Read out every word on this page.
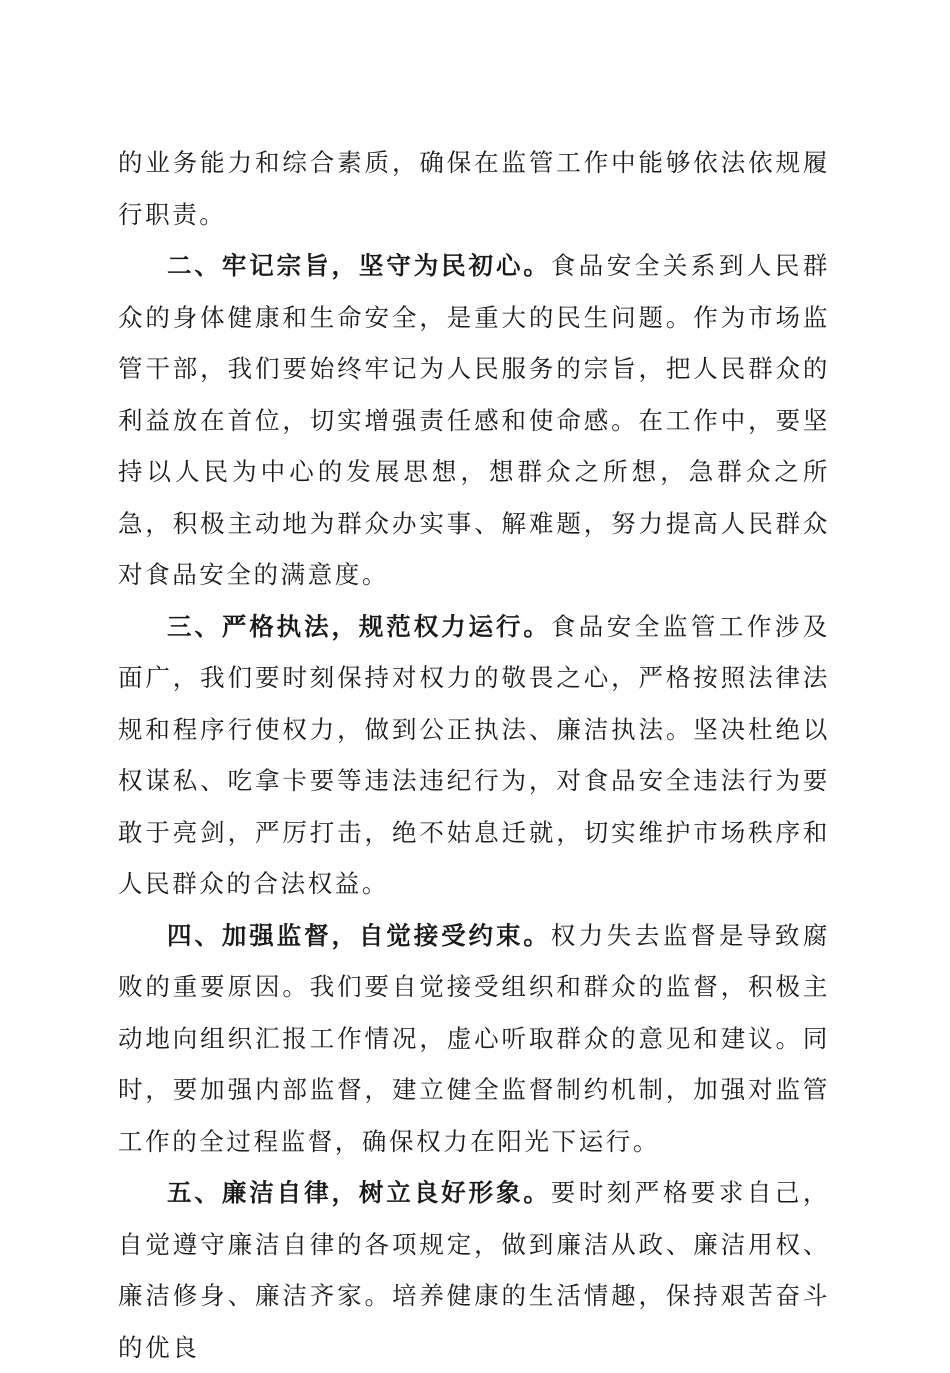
的业务能力和综合素质，确保在监管工作中能够依法依规履行职责。

二、牢记宗旨，坚守为民初心。食品安全关系到人民群众的身体健康和生命安全，是重大的民生问题。作为市场监管干部，我们要始终牢记为人民服务的宗旨，把人民群众的利益放在首位，切实增强责任感和使命感。在工作中，要坚持以人民为中心的发展思想，想群众之所想，急群众之所急，积极主动地为群众办实事、解难题，努力提高人民群众对食品安全的满意度。

三、严格执法，规范权力运行。食品安全监管工作涉及面广，我们要时刻保持对权力的敬畏之心，严格按照法律法规和程序行使权力，做到公正执法、廉洁执法。坚决杜绝以权谋私、吃拿卡要等违法违纪行为，对食品安全违法行为要敢于亮剑，严厉打击，绝不姑息迁就，切实维护市场秩序和人民群众的合法权益。

四、加强监督，自觉接受约束。权力失去监督是导致腐败的重要原因。我们要自觉接受组织和群众的监督，积极主动地向组织汇报工作情况，虚心听取群众的意见和建议。同时，要加强内部监督，建立健全监督制约机制，加强对监管工作的全过程监督，确保权力在阳光下运行。

五、廉洁自律，树立良好形象。要时刻严格要求自己，自觉遵守廉洁自律的各项规定，做到廉洁从政、廉洁用权、廉洁修身、廉洁齐家。培养健康的生活情趣，保持艰苦奋斗的优良
